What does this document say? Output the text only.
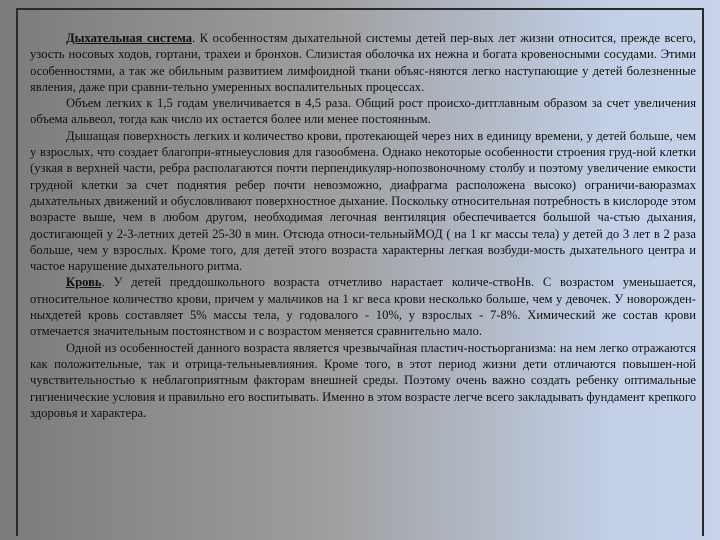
Дыхательная система. К особенностям дыхательной системы детей пер-вых лет жизни относится, прежде всего, узость носовых ходов, гортани, трахеи и бронхов. Слизистая оболочка их нежна и богата кровеносными сосудами. Этими особенностями, а так же обильным развитием лимфоидной ткани объяс-няются легко наступающие у детей болезненные явления, даже при сравни-тельно умеренных воспалительных процессах.

Объем легких к 1,5 годам увеличивается в 4,5 раза. Общий рост происхо-дитглавным образом за счет увеличения объема альвеол, тогда как число их остается более или менее постоянным.

Дышащая поверхность легких и количество крови, протекающей через них в единицу времени, у детей больше, чем у взрослых, что создает благопри-ятныеусловия для газообмена. Однако некоторые особенности строения груд-ной клетки (узкая в верхней части, ребра располагаются почти перпендикуляр-нопозвоночному столбу и поэтому увеличение емкости грудной клетки за счет поднятия ребер почти невозможно, диафрагма расположена высоко) ограничи-ваюразмах дыхательных движений и обусловливают поверхностное дыхание. Поскольку относительная потребность в кислороде этом возрасте выше, чем в любом другом, необходимая легочная вентиляция обеспечивается большой ча-стью дыхания, достигающей у 2-3-летних детей 25-30 в мин. Отсюда относи-тельныйМОД ( на 1 кг массы тела) у детей до 3 лет в 2 раза больше, чем у взрослых. Кроме того, для детей этого возраста характерны легкая возбуди-мость дыхательного центра и частое нарушение дыхательного ритма.

Кровь. У детей преддошкольного возраста отчетливо нарастает количе-ствоHв. С возрастом уменьшается, относительное количество крови, причем у мальчиков на 1 кг веса крови несколько больше, чем у девочек. У новорожден-ныхдетей кровь составляет 5% массы тела, у годовалого - 10%, у взрослых - 7-8%. Химический же состав крови отмечается значительным постоянством и с возрастом меняется сравнительно мало.

Одной из особенностей данного возраста является чрезвычайная пластич-ностьорганизма: на нем легко отражаются как положительные, так и отрица-тельныевлияния. Кроме того, в этот период жизни дети отличаются повышен-ной чувствительностью к неблагоприятным факторам внешней среды. Поэтому очень важно создать ребенку оптимальные гигиенические условия и правильно его воспитывать. Именно в этом возрасте легче всего закладывать фундамент крепкого здоровья и характера.
